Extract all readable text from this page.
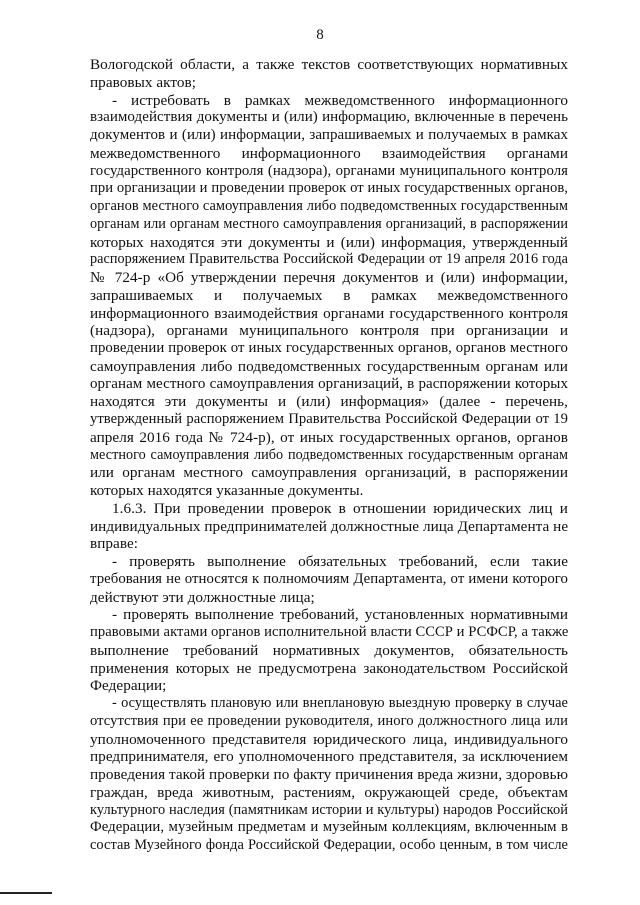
8
Вологодской области, а также текстов соответствующих нормативных
правовых актов;
- истребовать в рамках межведомственного информационного
взаимодействия документы и (или) информацию, включенные в перечень
документов и (или) информации, запрашиваемых и получаемых в рамках
межведомственного информационного взаимодействия органами
государственного контроля (надзора), органами муниципального контроля
при организации и проведении проверок от иных государственных органов,
органов местного самоуправления либо подведомственных государственным
органам или органам местного самоуправления организаций, в распоряжении
которых находятся эти документы и (или) информация, утвержденный
распоряжением Правительства Российской Федерации от 19 апреля 2016 года
№ 724-р «Об утверждении перечня документов и (или) информации,
запрашиваемых и получаемых в рамках межведомственного
информационного взаимодействия органами государственного контроля
(надзора), органами муниципального контроля при организации и
проведении проверок от иных государственных органов, органов местного
самоуправления либо подведомственных государственным органам или
органам местного самоуправления организаций, в распоряжении которых
находятся эти документы и (или) информация» (далее - перечень,
утвержденный распоряжением Правительства Российской Федерации от 19
апреля 2016 года № 724-р), от иных государственных органов, органов
местного самоуправления либо подведомственных государственным органам
или органам местного самоуправления организаций, в распоряжении
которых находятся указанные документы.
1.6.3. При проведении проверок в отношении юридических лиц и
индивидуальных предпринимателей должностные лица Департамента не
вправе:
- проверять выполнение обязательных требований, если такие
требования не относятся к полномочиям Департамента, от имени которого
действуют эти должностные лица;
- проверять выполнение требований, установленных нормативными
правовыми актами органов исполнительной власти СССР и РСФСР, а также
выполнение требований нормативных документов, обязательность
применения которых не предусмотрена законодательством Российской
Федерации;
- осуществлять плановую или внеплановую выездную проверку в случае
отсутствия при ее проведении руководителя, иного должностного лица или
уполномоченного представителя юридического лица, индивидуального
предпринимателя, его уполномоченного представителя, за исключением
проведения такой проверки по факту причинения вреда жизни, здоровью
граждан, вреда животным, растениям, окружающей среде, объектам
культурного наследия (памятникам истории и культуры) народов Российской
Федерации, музейным предметам и музейным коллекциям, включенным в
состав Музейного фонда Российской Федерации, особо ценным, в том числе
